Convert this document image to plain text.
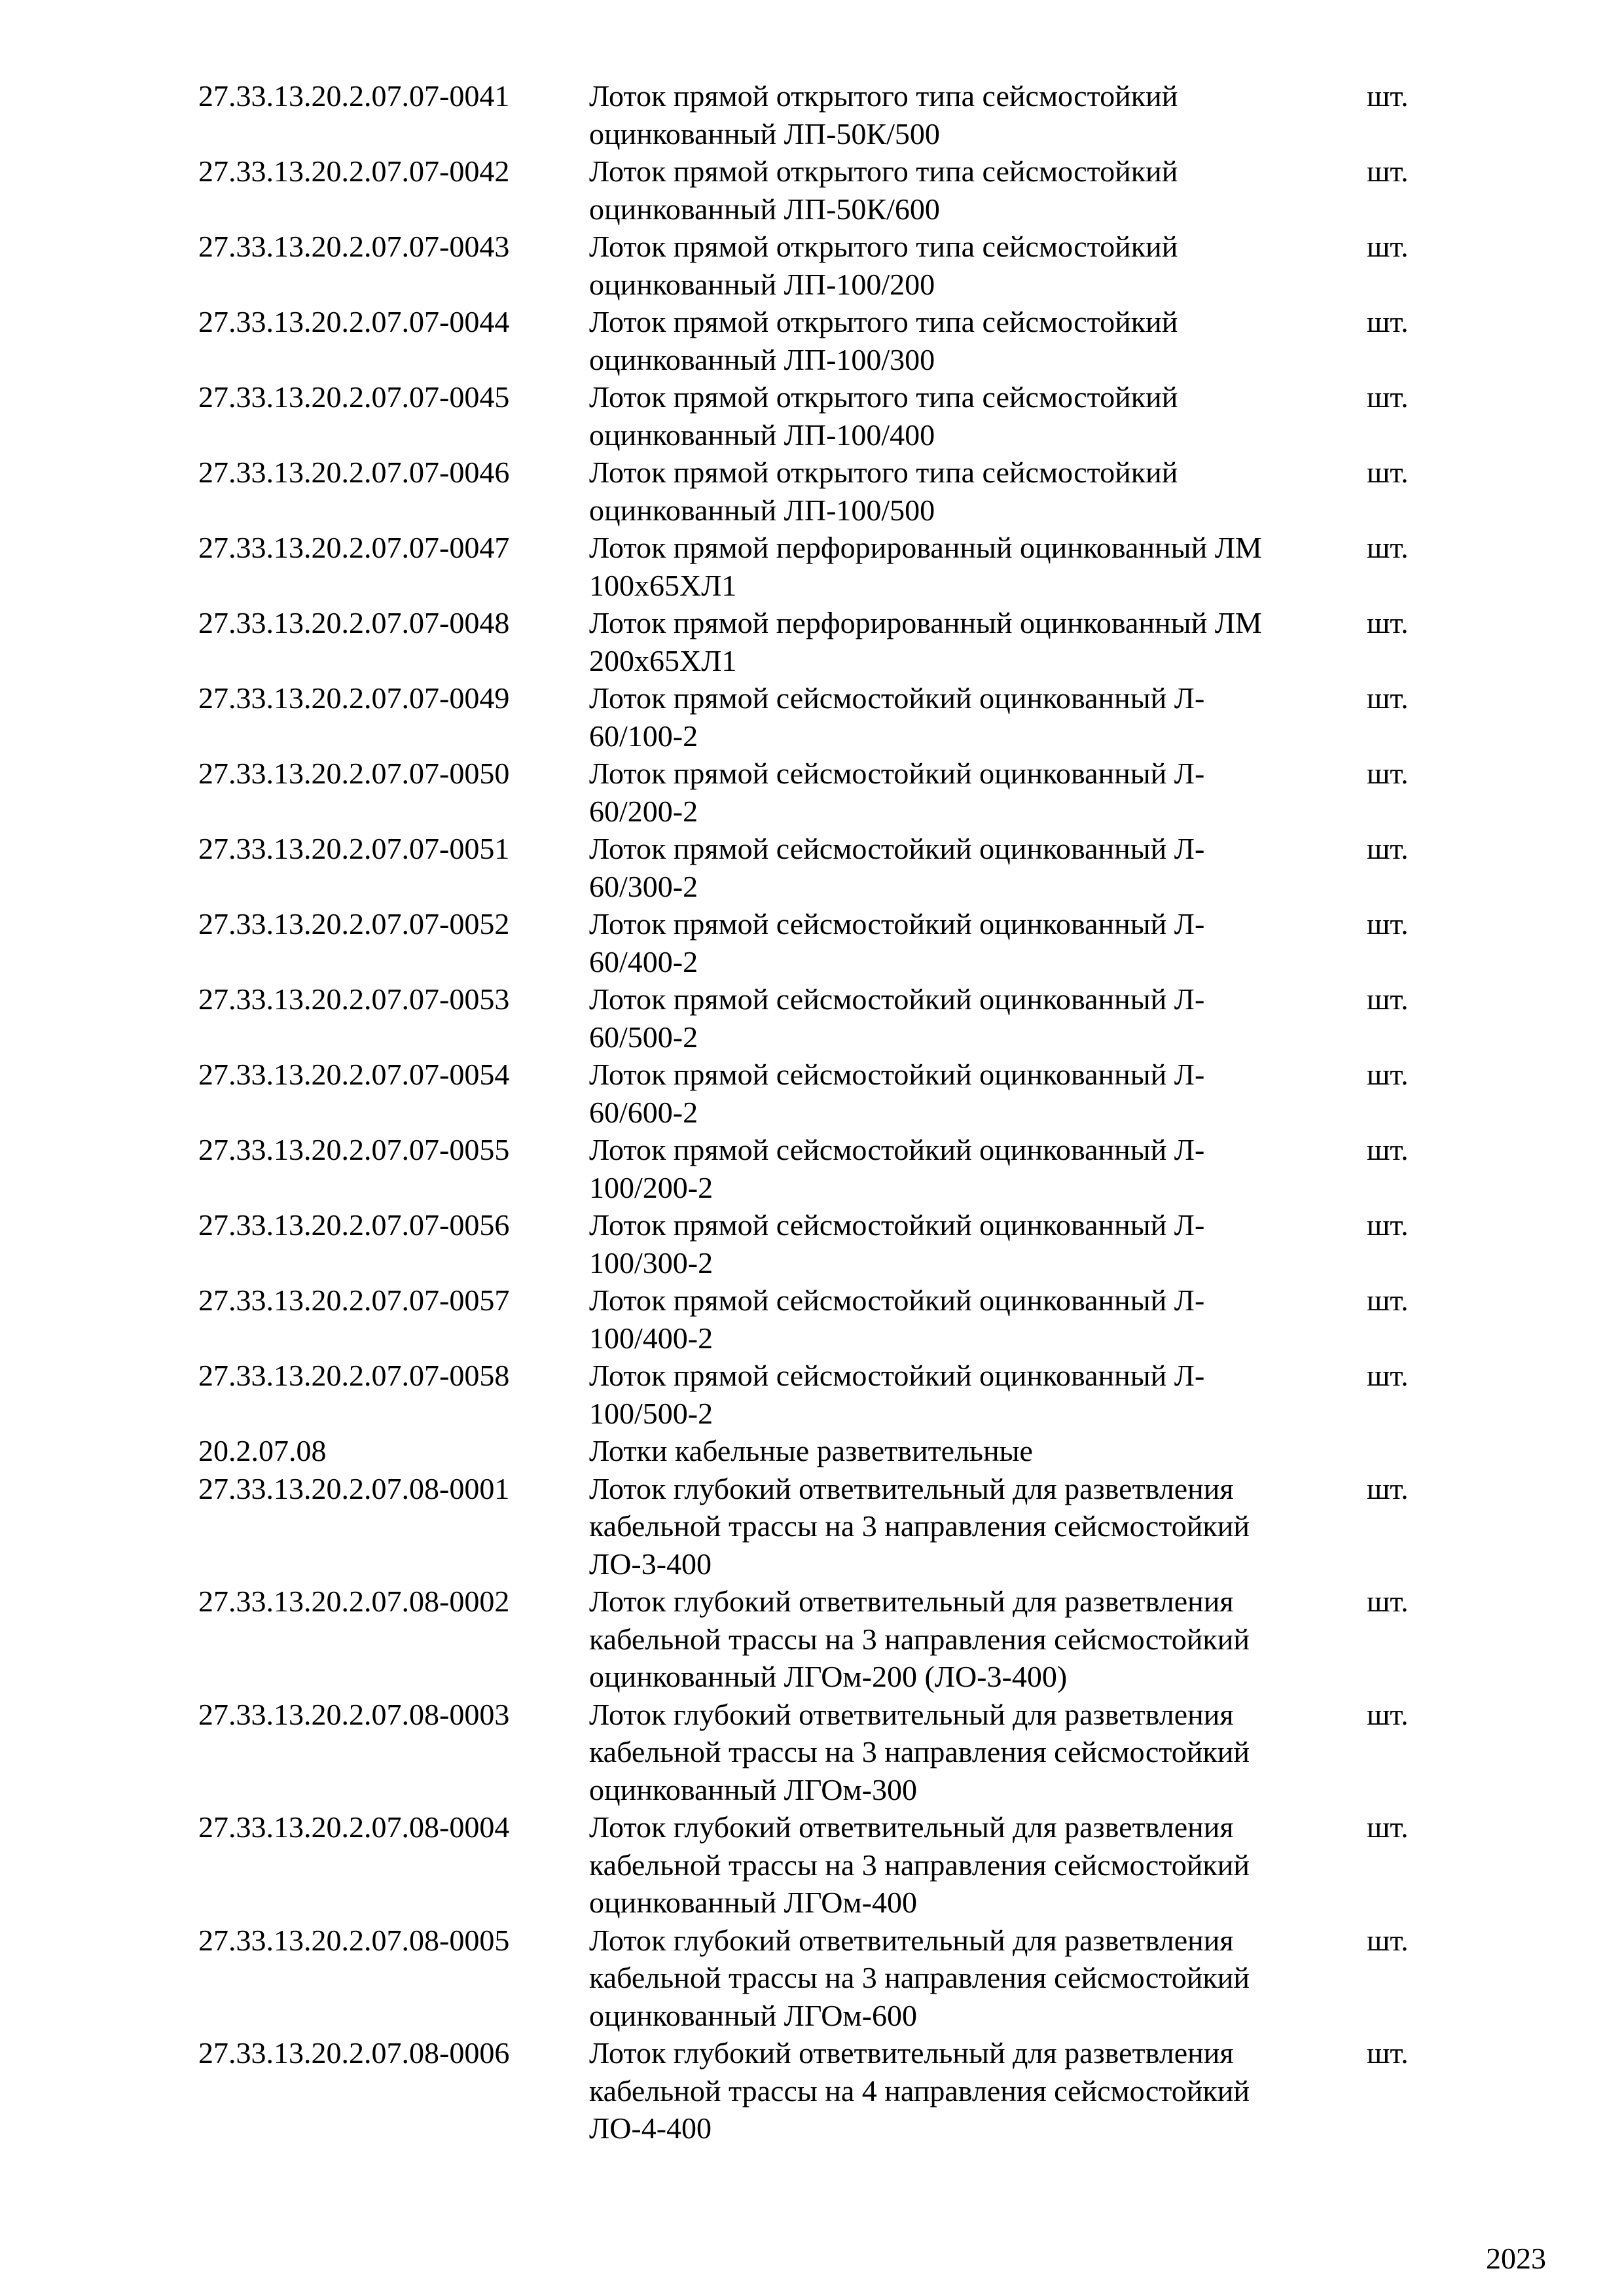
27.33.13.20.2.07.07-0041	Лоток прямой открытого типа сейсмостойкий
оцинкованный ЛП-50К/500
шт.
27.33.13.20.2.07.07-0042	Лоток прямой открытого типа сейсмостойкий
оцинкованный ЛП-50К/600
шт.
27.33.13.20.2.07.07-0043	Лоток прямой открытого типа сейсмостойкий
оцинкованный ЛП-100/200
шт.
27.33.13.20.2.07.07-0044	Лоток прямой открытого типа сейсмостойкий
оцинкованный ЛП-100/300
шт.
27.33.13.20.2.07.07-0045	Лоток прямой открытого типа сейсмостойкий
оцинкованный ЛП-100/400
шт.
27.33.13.20.2.07.07-0046	Лоток прямой открытого типа сейсмостойкий
оцинкованный ЛП-100/500
шт.
27.33.13.20.2.07.07-0047	Лоток прямой перфорированный оцинкованный ЛМ
100x65ХЛ1
шт.
27.33.13.20.2.07.07-0048	Лоток прямой перфорированный оцинкованный ЛМ
200x65ХЛ1
шт.
27.33.13.20.2.07.07-0049	Лоток прямой сейсмостойкий оцинкованный Л-
60/100-2
шт.
27.33.13.20.2.07.07-0050	Лоток прямой сейсмостойкий оцинкованный Л-
60/200-2
шт.
27.33.13.20.2.07.07-0051	Лоток прямой сейсмостойкий оцинкованный Л-
60/300-2
шт.
27.33.13.20.2.07.07-0052	Лоток прямой сейсмостойкий оцинкованный Л-
60/400-2
шт.
27.33.13.20.2.07.07-0053	Лоток прямой сейсмостойкий оцинкованный Л-
60/500-2
шт.
27.33.13.20.2.07.07-0054	Лоток прямой сейсмостойкий оцинкованный Л-
60/600-2
шт.
27.33.13.20.2.07.07-0055	Лоток прямой сейсмостойкий оцинкованный Л-
100/200-2
шт.
27.33.13.20.2.07.07-0056	Лоток прямой сейсмостойкий оцинкованный Л-
100/300-2
шт.
27.33.13.20.2.07.07-0057	Лоток прямой сейсмостойкий оцинкованный Л-
100/400-2
шт.
27.33.13.20.2.07.07-0058	Лоток прямой сейсмостойкий оцинкованный Л-
100/500-2
шт.
20.2.07.08	Лотки кабельные разветвительные
27.33.13.20.2.07.08-0001	Лоток глубокий ответвительный для разветвления
кабельной трассы на 3 направления сейсмостойкий
ЛО-3-400
шт.
27.33.13.20.2.07.08-0002	Лоток глубокий ответвительный для разветвления
кабельной трассы на 3 направления сейсмостойкий
оцинкованный ЛГОм-200 (ЛО-3-400)
шт.
27.33.13.20.2.07.08-0003	Лоток глубокий ответвительный для разветвления
кабельной трассы на 3 направления сейсмостойкий
оцинкованный ЛГОм-300
шт.
27.33.13.20.2.07.08-0004	Лоток глубокий ответвительный для разветвления
кабельной трассы на 3 направления сейсмостойкий
оцинкованный ЛГОм-400
шт.
27.33.13.20.2.07.08-0005	Лоток глубокий ответвительный для разветвления
кабельной трассы на 3 направления сейсмостойкий
оцинкованный ЛГОм-600
шт.
27.33.13.20.2.07.08-0006	Лоток глубокий ответвительный для разветвления
кабельной трассы на 4 направления сейсмостойкий
ЛО-4-400
шт.
2023
